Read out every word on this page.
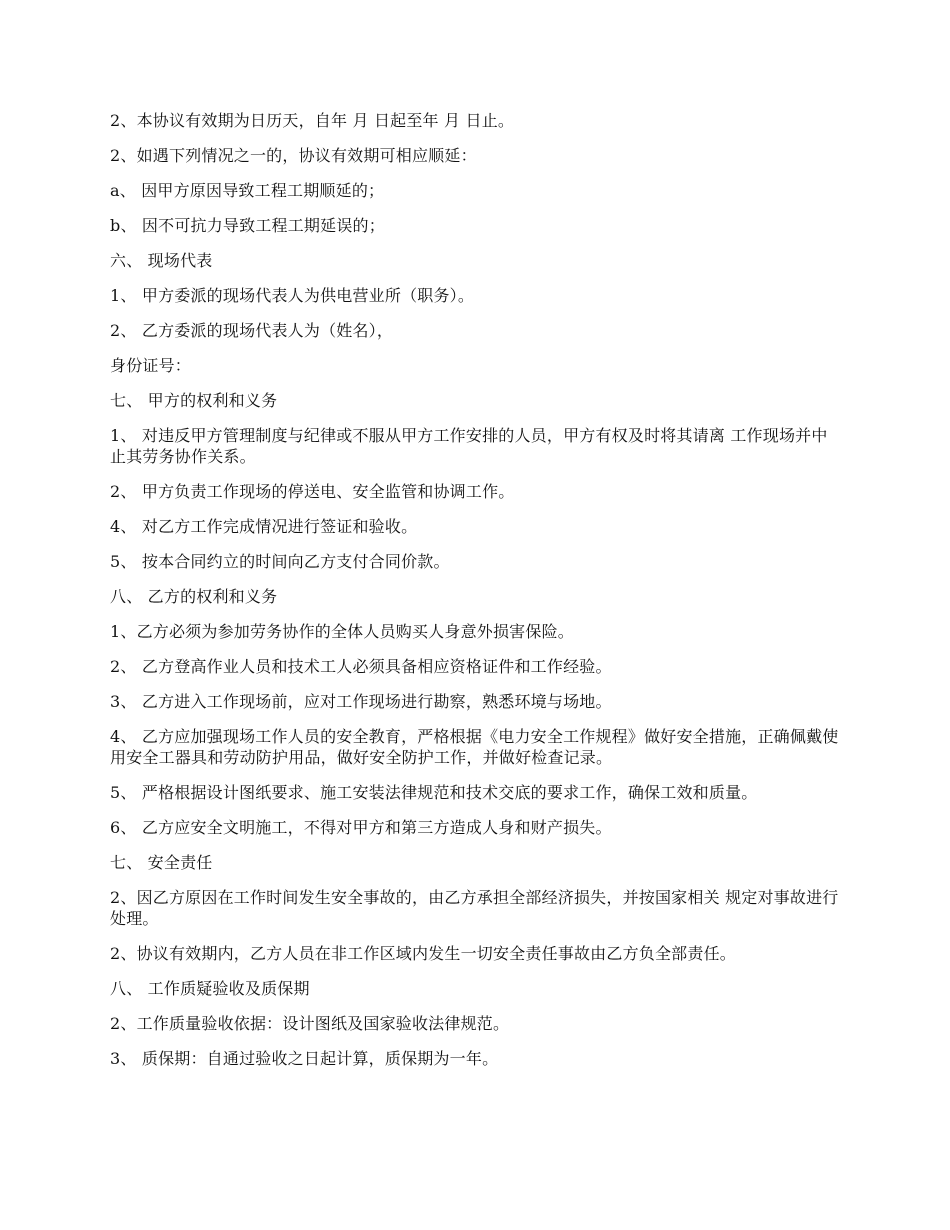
2、本协议有效期为日历天，自年 月 日起至年 月 日止。

2、如遇下列情况之一的，协议有效期可相应顺延：

a、 因甲方原因导致工程工期顺延的；

b、 因不可抗力导致工程工期延误的；

六、 现场代表

1、 甲方委派的现场代表人为供电营业所（职务）。

2、 乙方委派的现场代表人为（姓名），

身份证号：

七、 甲方的权利和义务

1、 对违反甲方管理制度与纪律或不服从甲方工作安排的人员，甲方有权及时将其请离 工作现场并中止其劳务协作关系。

2、 甲方负责工作现场的停送电、安全监管和协调工作。

4、 对乙方工作完成情况进行签证和验收。

5、 按本合同约立的时间向乙方支付合同价款。

八、 乙方的权利和义务

1、乙方必须为参加劳务协作的全体人员购买人身意外损害保险。

2、 乙方登高作业人员和技术工人必须具备相应资格证件和工作经验。

3、 乙方进入工作现场前，应对工作现场进行勘察，熟悉环境与场地。

4、 乙方应加强现场工作人员的安全教育，严格根据《电力安全工作规程》做好安全措施，正确佩戴使用安全工器具和劳动防护用品，做好安全防护工作，并做好检查记录。

5、 严格根据设计图纸要求、施工安装法律规范和技术交底的要求工作，确保工效和质量。

6、 乙方应安全文明施工，不得对甲方和第三方造成人身和财产损失。

七、 安全责任

2、因乙方原因在工作时间发生安全事故的，由乙方承担全部经济损失，并按国家相关 规定对事故进行处理。

2、协议有效期内，乙方人员在非工作区域内发生一切安全责任事故由乙方负全部责任。

八、 工作质疑验收及质保期

2、工作质量验收依据：设计图纸及国家验收法律规范。

3、 质保期：自通过验收之日起计算，质保期为一年。
